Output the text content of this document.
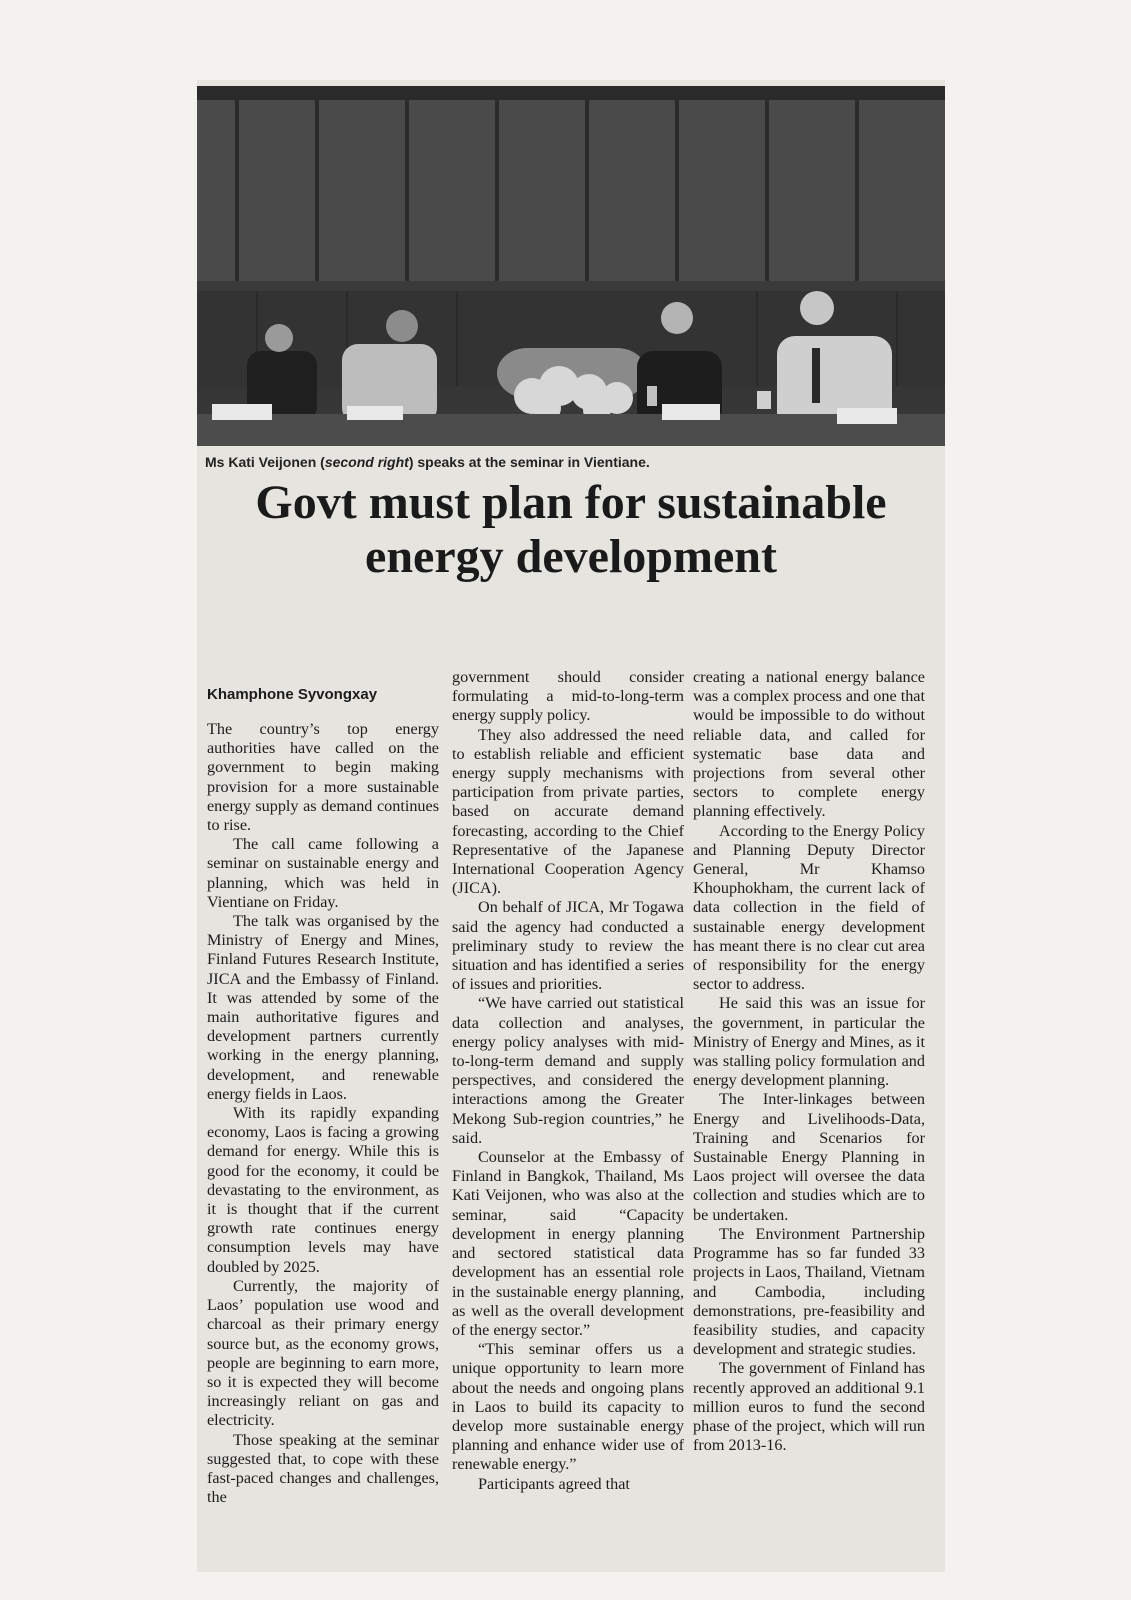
Ms Kati Veijonen (second right) speaks at the seminar in Vientiane.
Govt must plan for sustainable
energy development
Khamphone Syvongxay

The country’s top energy authorities have called on the government to begin making provision for a more sustainable energy supply as demand continues to rise.

The call came following a seminar on sustainable energy and planning, which was held in Vientiane on Friday.

The talk was organised by the Ministry of Energy and Mines, Finland Futures Research Institute, JICA and the Embassy of Finland. It was attended by some of the main authoritative figures and development partners currently working in the energy planning, development, and renewable energy fields in Laos.

With its rapidly expanding economy, Laos is facing a growing demand for energy. While this is good for the economy, it could be devastating to the environment, as it is thought that if the current growth rate continues energy consumption levels may have doubled by 2025.

Currently, the majority of Laos’ population use wood and charcoal as their primary energy source but, as the economy grows, people are beginning to earn more, so it is expected they will become increasingly reliant on gas and electricity.

Those speaking at the seminar suggested that, to cope with these fast-paced changes and challenges, the

government should consider formulating a mid-to-long-term energy supply policy.

They also addressed the need to establish reliable and efficient energy supply mechanisms with participation from private parties, based on accurate demand forecasting, according to the Chief Representative of the Japanese International Cooperation Agency (JICA).

On behalf of JICA, Mr Togawa said the agency had conducted a preliminary study to review the situation and has identified a series of issues and priorities.

“We have carried out statistical data collection and analyses, energy policy analyses with mid-to-long-term demand and supply perspectives, and considered the interactions among the Greater Mekong Sub-region countries,” he said.

Counselor at the Embassy of Finland in Bangkok, Thailand, Ms Kati Veijonen, who was also at the seminar, said “Capacity development in energy planning and sectored statistical data development has an essential role in the sustainable energy planning, as well as the overall development of the energy sector.”

“This seminar offers us a unique opportunity to learn more about the needs and ongoing plans in Laos to build its capacity to develop more sustainable energy planning and enhance wider use of renewable energy.”

Participants agreed that

creating a national energy balance was a complex process and one that would be impossible to do without reliable data, and called for systematic base data and projections from several other sectors to complete energy planning effectively.

According to the Energy Policy and Planning Deputy Director General, Mr Khamso Khouphokham, the current lack of data collection in the field of sustainable energy development has meant there is no clear cut area of responsibility for the energy sector to address.

He said this was an issue for the government, in particular the Ministry of Energy and Mines, as it was stalling policy formulation and energy development planning.

The Inter-linkages between Energy and Livelihoods-Data, Training and Scenarios for Sustainable Energy Planning in Laos project will oversee the data collection and studies which are to be undertaken.

The Environment Partnership Programme has so far funded 33 projects in Laos, Thailand, Vietnam and Cambodia, including demonstrations, pre-feasibility and feasibility studies, and capacity development and strategic studies.

The government of Finland has recently approved an additional 9.1 million euros to fund the second phase of the project, which will run from 2013-16.
